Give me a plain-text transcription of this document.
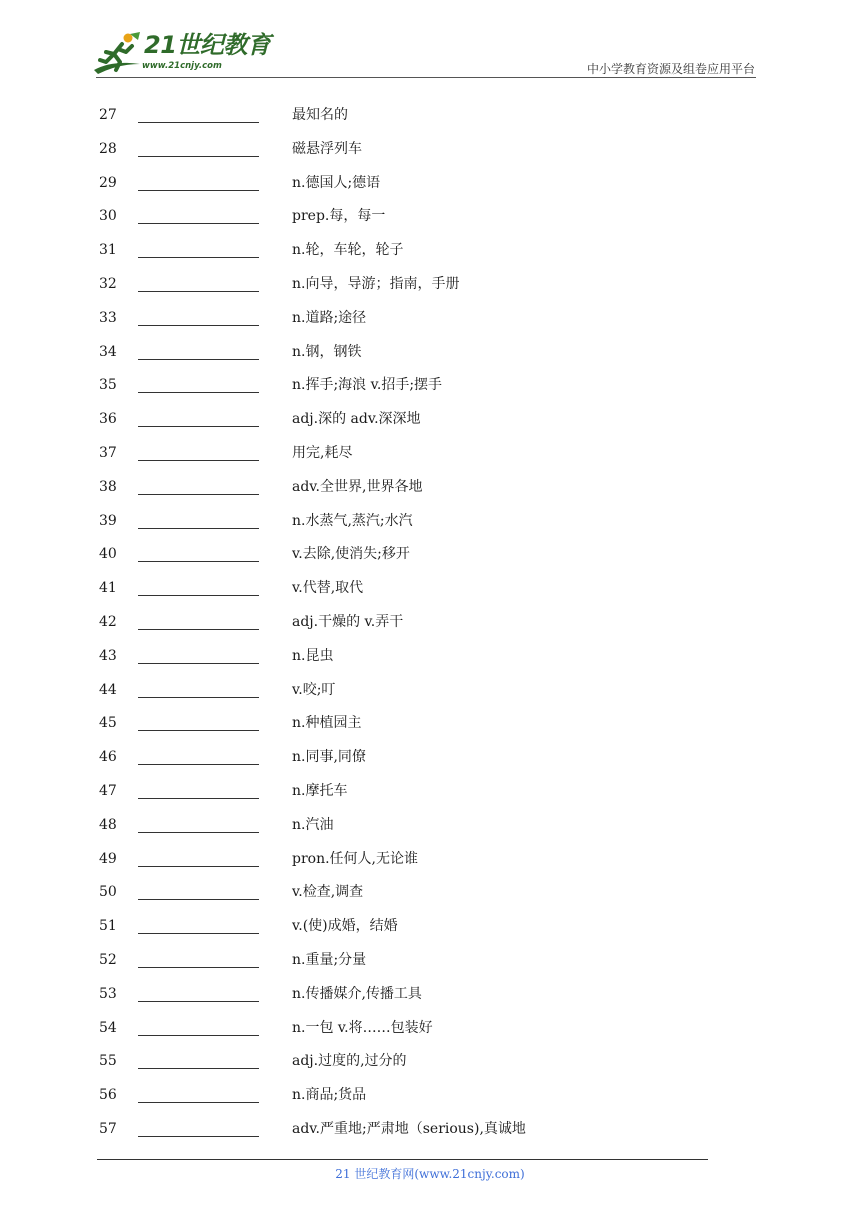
21世纪教育
www.21cnjy.com	中小学教育资源及组卷应用平台
27	最知名的
28	磁悬浮列车
29	n.德国人;德语
30	prep.每，每一
31	n.轮，车轮，轮子
32	n.向导，导游；指南，手册
33	n.道路;途径
34	n.钢，钢铁
35	n.挥手;海浪 v.招手;摆手
36	adj.深的 adv.深深地
37	用完,耗尽
38	adv.全世界,世界各地
39	n.水蒸气,蒸汽;水汽
40	v.去除,使消失;移开
41	v.代替,取代
42	adj.干燥的 v.弄干
43	n.昆虫
44	v.咬;叮
45	n.种植园主
46	n.同事,同僚
47	n.摩托车
48	n.汽油
49	pron.任何人,无论谁
50	v.检查,调查
51	v.(使)成婚，结婚
52	n.重量;分量
53	n.传播媒介,传播工具
54	n.一包 v.将……包装好
55	adj.过度的,过分的
56	n.商品;货品
57	adv.严重地;严肃地（serious),真诚地
21 世纪教育网(www.21cnjy.com)
